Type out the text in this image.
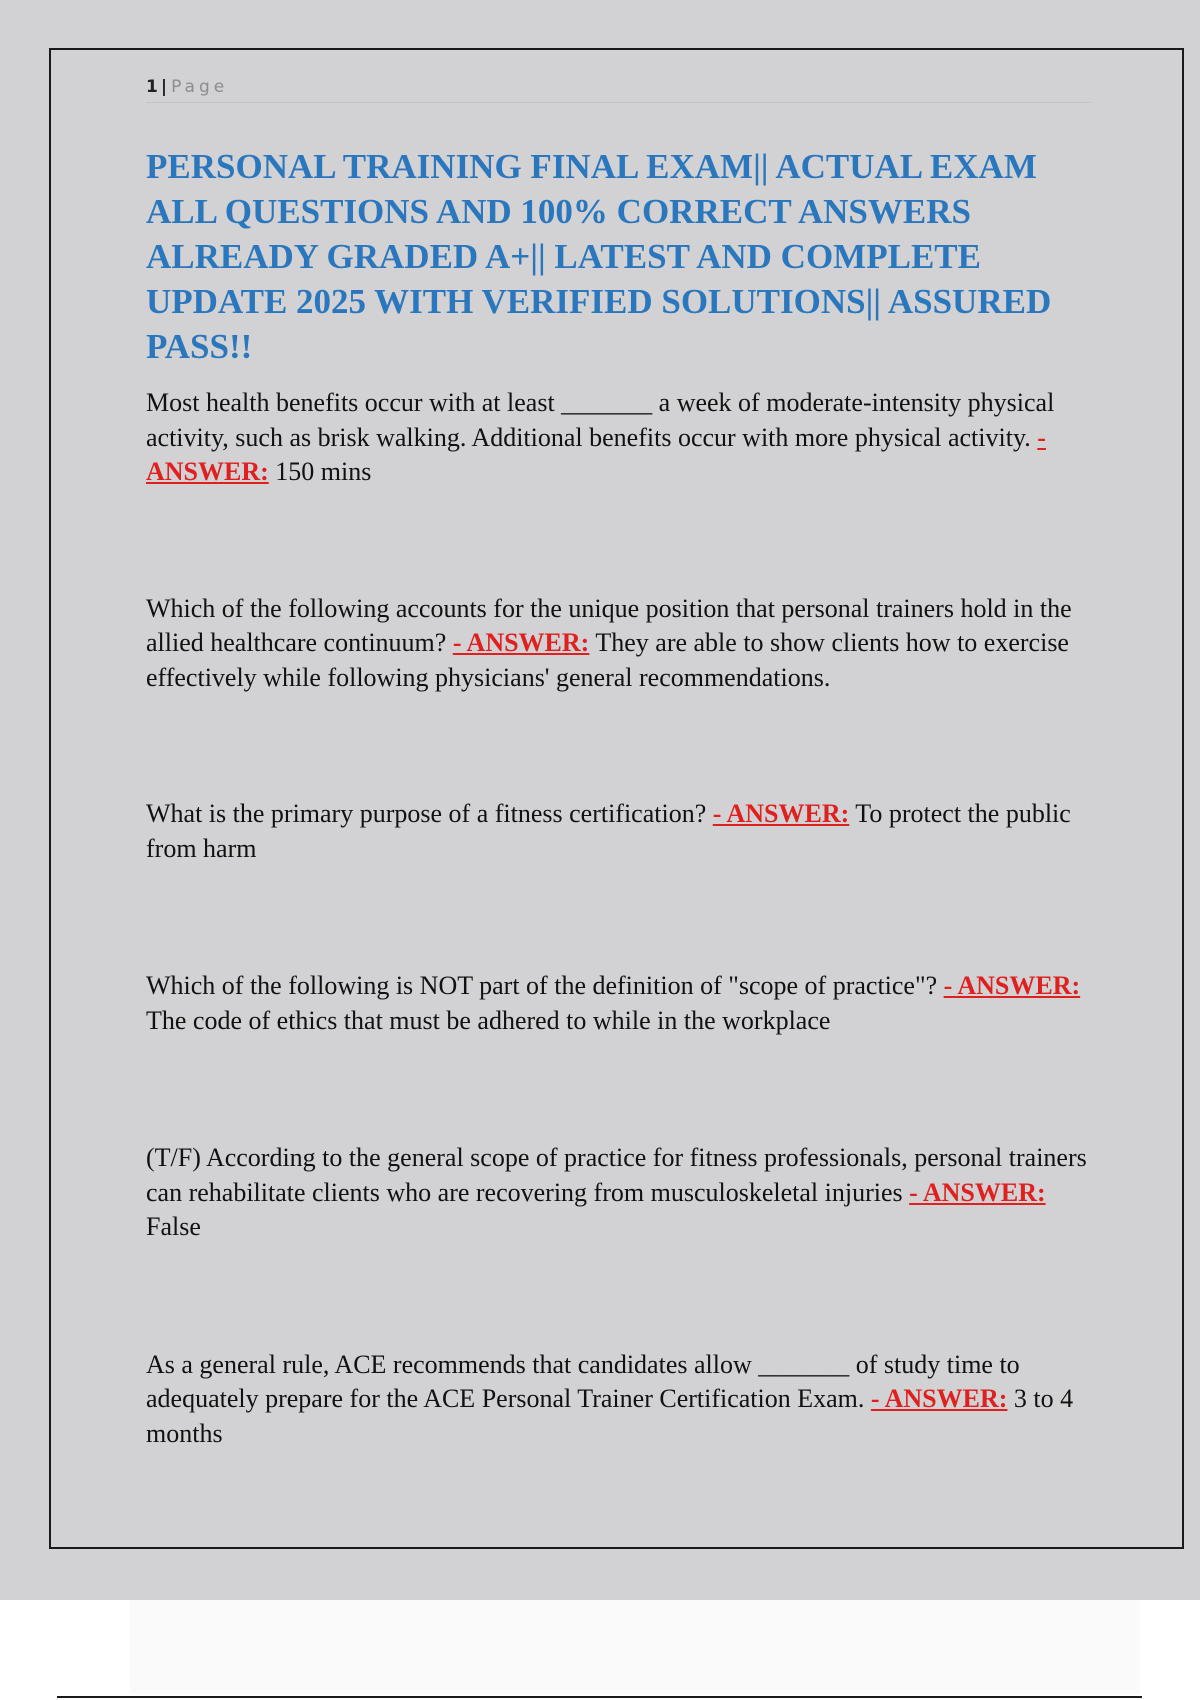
1 | Page
PERSONAL TRAINING FINAL EXAM|| ACTUAL EXAM ALL QUESTIONS AND 100% CORRECT ANSWERS ALREADY GRADED A+|| LATEST AND COMPLETE UPDATE 2025 WITH VERIFIED SOLUTIONS|| ASSURED PASS!!

Most health benefits occur with at least _______ a week of moderate-intensity physical activity, such as brisk walking. Additional benefits occur with more physical activity. - ANSWER: 150 mins

Which of the following accounts for the unique position that personal trainers hold in the allied healthcare continuum? - ANSWER: They are able to show clients how to exercise effectively while following physicians' general recommendations.

What is the primary purpose of a fitness certification? - ANSWER: To protect the public from harm

Which of the following is NOT part of the definition of "scope of practice"? - ANSWER: The code of ethics that must be adhered to while in the workplace

(T/F) According to the general scope of practice for fitness professionals, personal trainers can rehabilitate clients who are recovering from musculoskeletal injuries - ANSWER: False

As a general rule, ACE recommends that candidates allow _______ of study time to adequately prepare for the ACE Personal Trainer Certification Exam. - ANSWER: 3 to 4 months
